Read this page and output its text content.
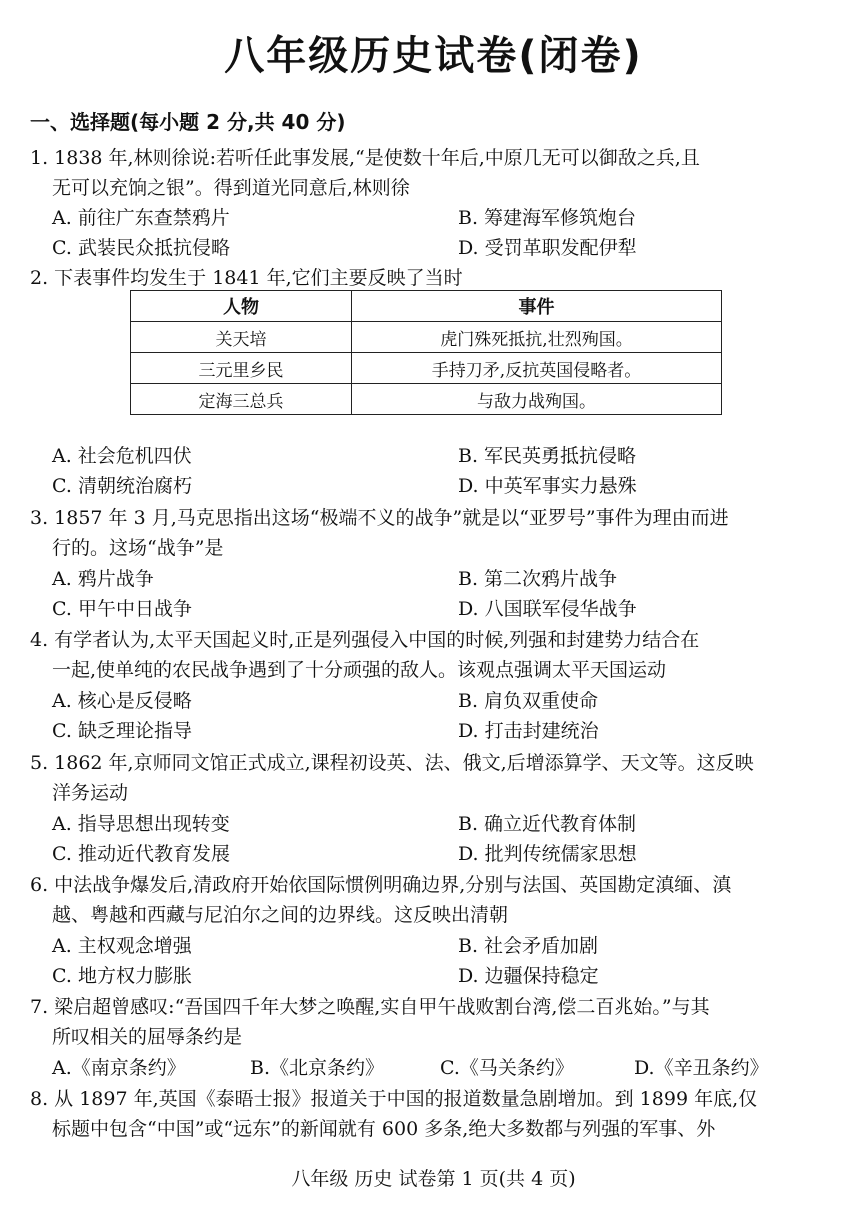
八年级历史试卷(闭卷)
一、选择题(每小题 2 分,共 40 分)
1. 1838 年,林则徐说:若听任此事发展,“是使数十年后,中原几无可以御敌之兵,且
无可以充饷之银”。得到道光同意后,林则徐
A. 前往广东查禁鸦片	B. 筹建海军修筑炮台
C. 武装民众抵抗侵略	D. 受罚革职发配伊犁
2. 下表事件均发生于 1841 年,它们主要反映了当时
人物	事件
关天培	虎门殊死抵抗,壮烈殉国。
三元里乡民	手持刀矛,反抗英国侵略者。
定海三总兵	与敌力战殉国。
A. 社会危机四伏	B. 军民英勇抵抗侵略
C. 清朝统治腐朽	D. 中英军事实力悬殊
3. 1857 年 3 月,马克思指出这场“极端不义的战争”就是以“亚罗号”事件为理由而进
行的。这场“战争”是
A. 鸦片战争	B. 第二次鸦片战争
C. 甲午中日战争	D. 八国联军侵华战争
4. 有学者认为,太平天国起义时,正是列强侵入中国的时候,列强和封建势力结合在
一起,使单纯的农民战争遇到了十分顽强的敌人。该观点强调太平天国运动
A. 核心是反侵略	B. 肩负双重使命
C. 缺乏理论指导	D. 打击封建统治
5. 1862 年,京师同文馆正式成立,课程初设英、法、俄文,后增添算学、天文等。这反映
洋务运动
A. 指导思想出现转变	B. 确立近代教育体制
C. 推动近代教育发展	D. 批判传统儒家思想
6. 中法战争爆发后,清政府开始依国际惯例明确边界,分别与法国、英国勘定滇缅、滇
越、粤越和西藏与尼泊尔之间的边界线。这反映出清朝
A. 主权观念增强	B. 社会矛盾加剧
C. 地方权力膨胀	D. 边疆保持稳定
7. 梁启超曾感叹:“吾国四千年大梦之唤醒,实自甲午战败割台湾,偿二百兆始。”与其
所叹相关的屈辱条约是
A.《南京条约》	B.《北京条约》	C.《马关条约》	D.《辛丑条约》
8. 从 1897 年,英国《泰晤士报》报道关于中国的报道数量急剧增加。到 1899 年底,仅
标题中包含“中国”或“远东”的新闻就有 600 多条,绝大多数都与列强的军事、外
八年级 历史 试卷第 1 页(共 4 页)
